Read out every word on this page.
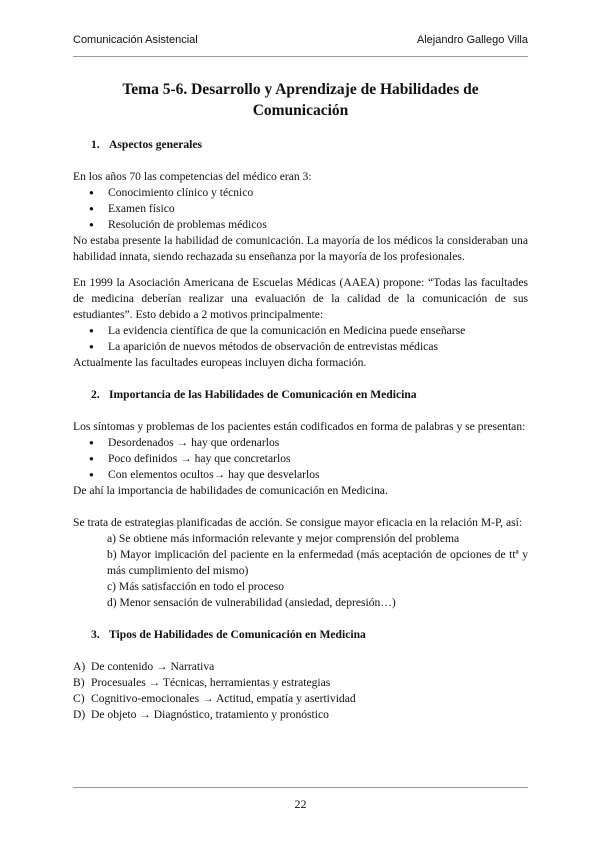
Comunicación Asistencial	Alejandro Gallego Villa
Tema 5-6. Desarrollo y Aprendizaje de Habilidades de
Comunicación
1. Aspectos generales

En los años 70 las competencias del médico eran 3:

● Conocimiento clínico y técnico
● Examen físico
● Resolución de problemas médicos

No estaba presente la habilidad de comunicación. La mayoría de los médicos la consideraban una habilidad innata, siendo rechazada su enseñanza por la mayoría de los profesionales.

En 1999 la Asociación Americana de Escuelas Médicas (AAEA) propone: “Todas las facultades de medicina deberían realizar una evaluación de la calidad de la comunicación de sus estudiantes”. Esto debido a 2 motivos principalmente:

● La evidencia científica de que la comunicación en Medicina puede enseñarse
● La aparición de nuevos métodos de observación de entrevistas médicas

Actualmente las facultades europeas incluyen dicha formación.

2. Importancia de las Habilidades de Comunicación en Medicina

Los síntomas y problemas de los pacientes están codificados en forma de palabras y se presentan:

● Desordenados → hay que ordenarlos
● Poco definidos → hay que concretarlos
● Con elementos ocultos→ hay que desvelarlos

De ahí la importancia de habilidades de comunicación en Medicina.

Se trata de estrategias planificadas de acción. Se consigue mayor eficacia en la relación M-P, así:

a) Se obtiene más información relevante y mejor comprensión del problema
b) Mayor implicación del paciente en la enfermedad (más aceptación de opciones de ttª y más cumplimiento del mismo)
c) Más satisfacción en todo el proceso
d) Menor sensación de vulnerabilidad (ansiedad, depresión…)
3. Tipos de Habilidades de Comunicación en Medicina
A) De contenido → Narrativa
B) Procesuales → Técnicas, herramientas y estrategias
C) Cognitivo-emocionales → Actitud, empatía y asertividad
D) De objeto → Diagnóstico, tratamiento y pronóstico
22
